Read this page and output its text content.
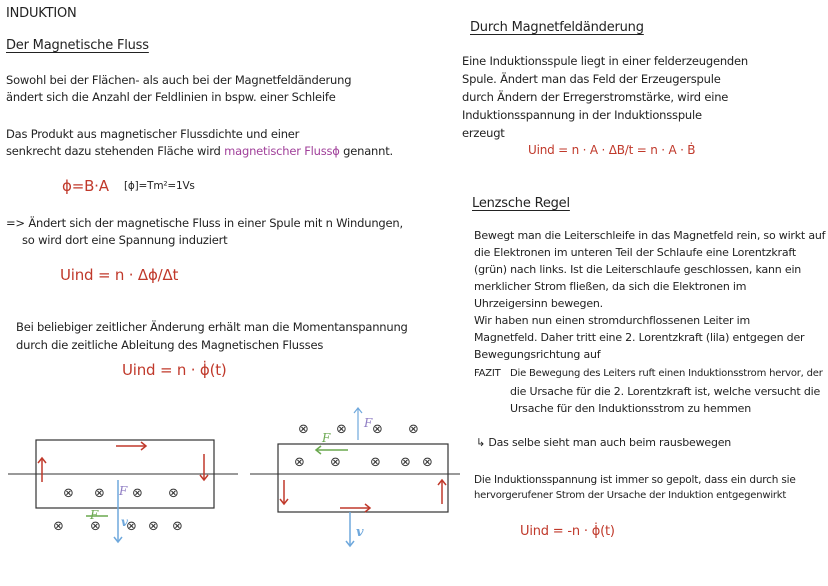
INDUKTION
Der Magnetische Fluss
Sowohl bei der Flächen- als auch bei der Magnetfeldänderung
ändert sich die Anzahl der Feldlinien in bspw. einer Schleife
Das Produkt aus magnetischer Flussdichte und einer
senkrecht dazu stehenden Fläche wird magnetischer Flussϕ genannt.
ϕ=B·A [ϕ]=Tm²=1Vs
=> Ändert sich der magnetische Fluss in einer Spule mit n Windungen,
so wird dort eine Spannung induziert
Uind = n · Δϕ/Δt
Bei beliebiger zeitlicher Änderung erhält man die Momentanspannung
durch die zeitliche Ableitung des Magnetischen Flusses
Uind = n · ϕ̇(t)
⊗ ⊗ ⊗ ⊗
⊗ ⊗ ⊗ ⊗ ⊗
v
F
F
⊗ ⊗ ⊗ ⊗
⊗ ⊗ ⊗ ⊗ ⊗
F
F
v
Durch Magnetfeldänderung
Eine Induktionsspule liegt in einer felderzeugenden
Spule. Ändert man das Feld der Erzeugerspule
durch Ändern der Erregerstromstärke, wird eine
Induktionsspannung in der Induktionsspule
erzeugt
Uind = n · A · ΔB/t = n · A · Ḃ
Lenzsche Regel
Bewegt man die Leiterschleife in das Magnetfeld rein, so wirkt auf
die Elektronen im unteren Teil der Schlaufe eine Lorentzkraft
(grün) nach links. Ist die Leiterschlaufe geschlossen, kann ein
merklicher Strom fließen, da sich die Elektronen im
Uhrzeigersinn bewegen.
Wir haben nun einen stromdurchflossenen Leiter im
Magnetfeld. Daher tritt eine 2. Lorentzkraft (lila) entgegen der
Bewegungsrichtung auf
FAZIT Die Bewegung des Leiters ruft einen Induktionsstrom hervor, der
die Ursache für die 2. Lorentzkraft ist, welche versucht die
Ursache für den Induktionsstrom zu hemmen
↳ Das selbe sieht man auch beim rausbewegen
Die Induktionsspannung ist immer so gepolt, dass ein durch sie
hervorgerufener Strom der Ursache der Induktion entgegenwirkt
Uind = -n · ϕ̇(t)
